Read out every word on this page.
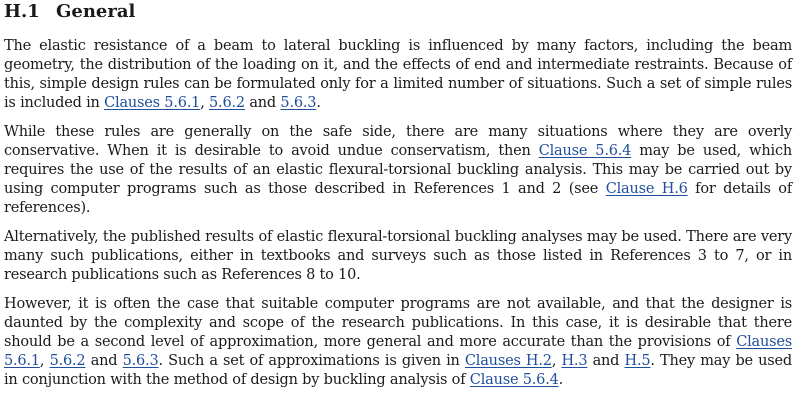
H.1 General

The elastic resistance of a beam to lateral buckling is influenced by many factors, including the beam geometry, the distribution of the loading on it, and the effects of end and intermediate restraints. Because of this, simple design rules can be formulated only for a limited number of situations. Such a set of simple rules is included in Clauses 5.6.1, 5.6.2 and 5.6.3.

While these rules are generally on the safe side, there are many situations where they are overly conservative. When it is desirable to avoid undue conservatism, then Clause 5.6.4 may be used, which requires the use of the results of an elastic flexural-torsional buckling analysis. This may be carried out by using computer programs such as those described in References 1 and 2 (see Clause H.6 for details of references).

Alternatively, the published results of elastic flexural-torsional buckling analyses may be used. There are very many such publications, either in textbooks and surveys such as those listed in References 3 to 7, or in research publications such as References 8 to 10.

However, it is often the case that suitable computer programs are not available, and that the designer is daunted by the complexity and scope of the research publications. In this case, it is desirable that there should be a second level of approximation, more general and more accurate than the provisions of Clauses 5.6.1, 5.6.2 and 5.6.3. Such a set of approximations is given in Clauses H.2, H.3 and H.5. They may be used in conjunction with the method of design by buckling analysis of Clause 5.6.4.
